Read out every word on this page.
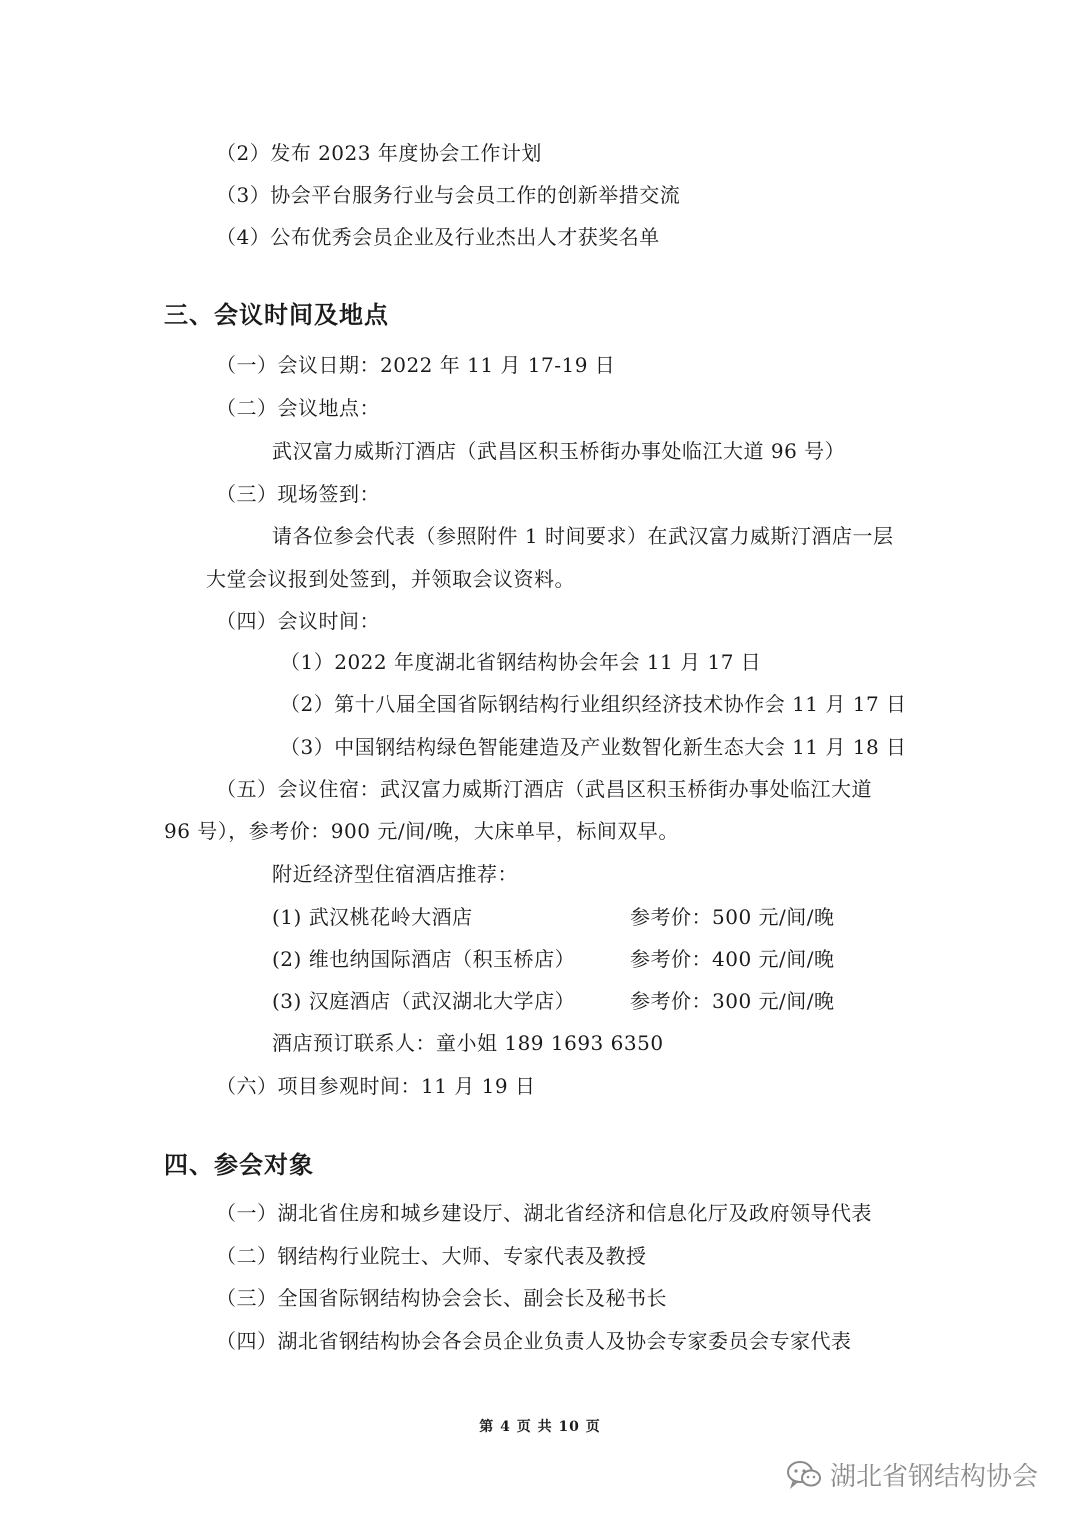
（2）发布 2023 年度协会工作计划
（3）协会平台服务行业与会员工作的创新举措交流
（4）公布优秀会员企业及行业杰出人才获奖名单
三、会议时间及地点
（一）会议日期：2022 年 11 月 17-19 日
（二）会议地点：
武汉富力威斯汀酒店（武昌区积玉桥街办事处临江大道 96 号）
（三）现场签到：
请各位参会代表（参照附件 1 时间要求）在武汉富力威斯汀酒店一层
大堂会议报到处签到，并领取会议资料。
（四）会议时间：
（1）2022 年度湖北省钢结构协会年会 11 月 17 日
（2）第十八届全国省际钢结构行业组织经济技术协作会 11 月 17 日
（3）中国钢结构绿色智能建造及产业数智化新生态大会 11 月 18 日
（五）会议住宿：武汉富力威斯汀酒店（武昌区积玉桥街办事处临江大道
96 号），参考价：900 元/间/晚，大床单早，标间双早。
附近经济型住宿酒店推荐：
(1) 武汉桃花岭大酒店	参考价：500 元/间/晚
(2) 维也纳国际酒店（积玉桥店）	参考价：400 元/间/晚
(3) 汉庭酒店（武汉湖北大学店）	参考价：300 元/间/晚
酒店预订联系人：童小姐 189 1693 6350
（六）项目参观时间：11 月 19 日
四、参会对象
（一）湖北省住房和城乡建设厅、湖北省经济和信息化厅及政府领导代表
（二）钢结构行业院士、大师、专家代表及教授
（三）全国省际钢结构协会会长、副会长及秘书长
（四）湖北省钢结构协会各会员企业负责人及协会专家委员会专家代表
第 4 页 共 10 页
湖北省钢结构协会
